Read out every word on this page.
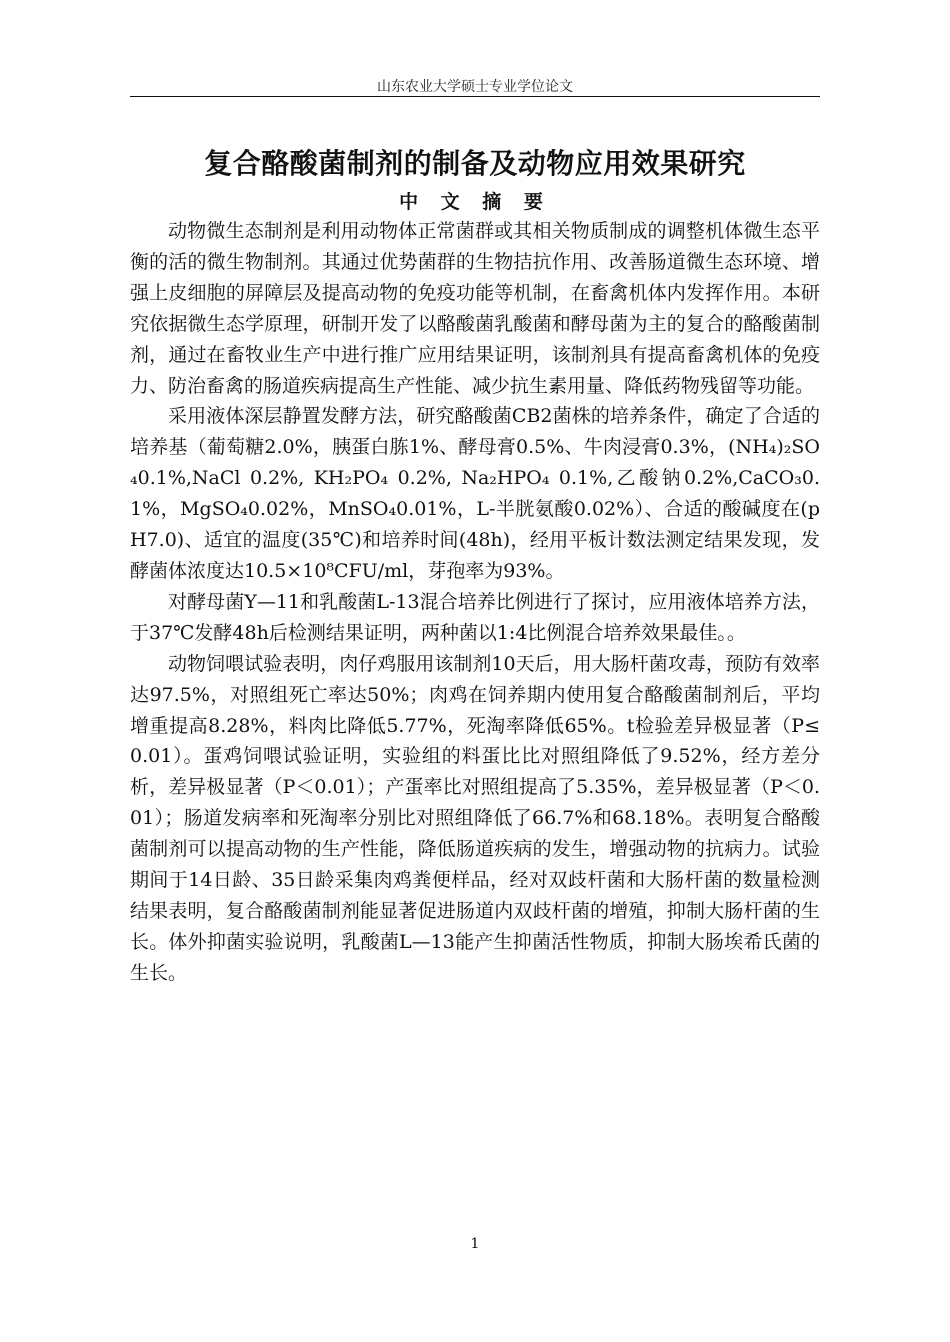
山东农业大学硕士专业学位论文
复合酪酸菌制剂的制备及动物应用效果研究
中 文 摘 要

动物微生态制剂是利用动物体正常菌群或其相关物质制成的调整机体微生态平衡的活的微生物制剂。其通过优势菌群的生物拮抗作用、改善肠道微生态环境、增强上皮细胞的屏障层及提高动物的免疫功能等机制，在畜禽机体内发挥作用。本研究依据微生态学原理，研制开发了以酪酸菌乳酸菌和酵母菌为主的复合的酪酸菌制剂，通过在畜牧业生产中进行推广应用结果证明，该制剂具有提高畜禽机体的免疫力、防治畜禽的肠道疾病提高生产性能、减少抗生素用量、降低药物残留等功能。

采用液体深层静置发酵方法，研究酪酸菌CB2菌株的培养条件，确定了合适的培养基（葡萄糖2.0%，胰蛋白胨1%、酵母膏0.5%、牛肉浸膏0.3%，(NH₄)₂SO₄0.1%,NaCl 0.2%, KH₂PO₄ 0.2%, Na₂HPO₄ 0.1%,乙酸钠0.2%,CaCO₃0.1%，MgSO₄0.02%，MnSO₄0.01%，L-半胱氨酸0.02%）、合适的酸碱度在(pH7.0)、适宜的温度(35℃)和培养时间(48h)，经用平板计数法测定结果发现，发酵菌体浓度达10.5×10⁸CFU/ml，芽孢率为93%。

对酵母菌Y—11和乳酸菌L-13混合培养比例进行了探讨，应用液体培养方法，于37℃发酵48h后检测结果证明，两种菌以1:4比例混合培养效果最佳。。

动物饲喂试验表明，肉仔鸡服用该制剂10天后，用大肠杆菌攻毒，预防有效率达97.5%，对照组死亡率达50%；肉鸡在饲养期内使用复合酪酸菌制剂后，平均增重提高8.28%，料肉比降低5.77%，死淘率降低65%。t检验差异极显著（P≤0.01）。蛋鸡饲喂试验证明，实验组的料蛋比比对照组降低了9.52%，经方差分析，差异极显著（P＜0.01）；产蛋率比对照组提高了5.35%，差异极显著（P＜0.01）；肠道发病率和死淘率分别比对照组降低了66.7%和68.18%。表明复合酪酸菌制剂可以提高动物的生产性能，降低肠道疾病的发生，增强动物的抗病力。试验期间于14日龄、35日龄采集肉鸡粪便样品，经对双歧杆菌和大肠杆菌的数量检测结果表明，复合酪酸菌制剂能显著促进肠道内双歧杆菌的增殖，抑制大肠杆菌的生长。体外抑菌实验说明，乳酸菌L—13能产生抑菌活性物质，抑制大肠埃希氏菌的生长。

1
